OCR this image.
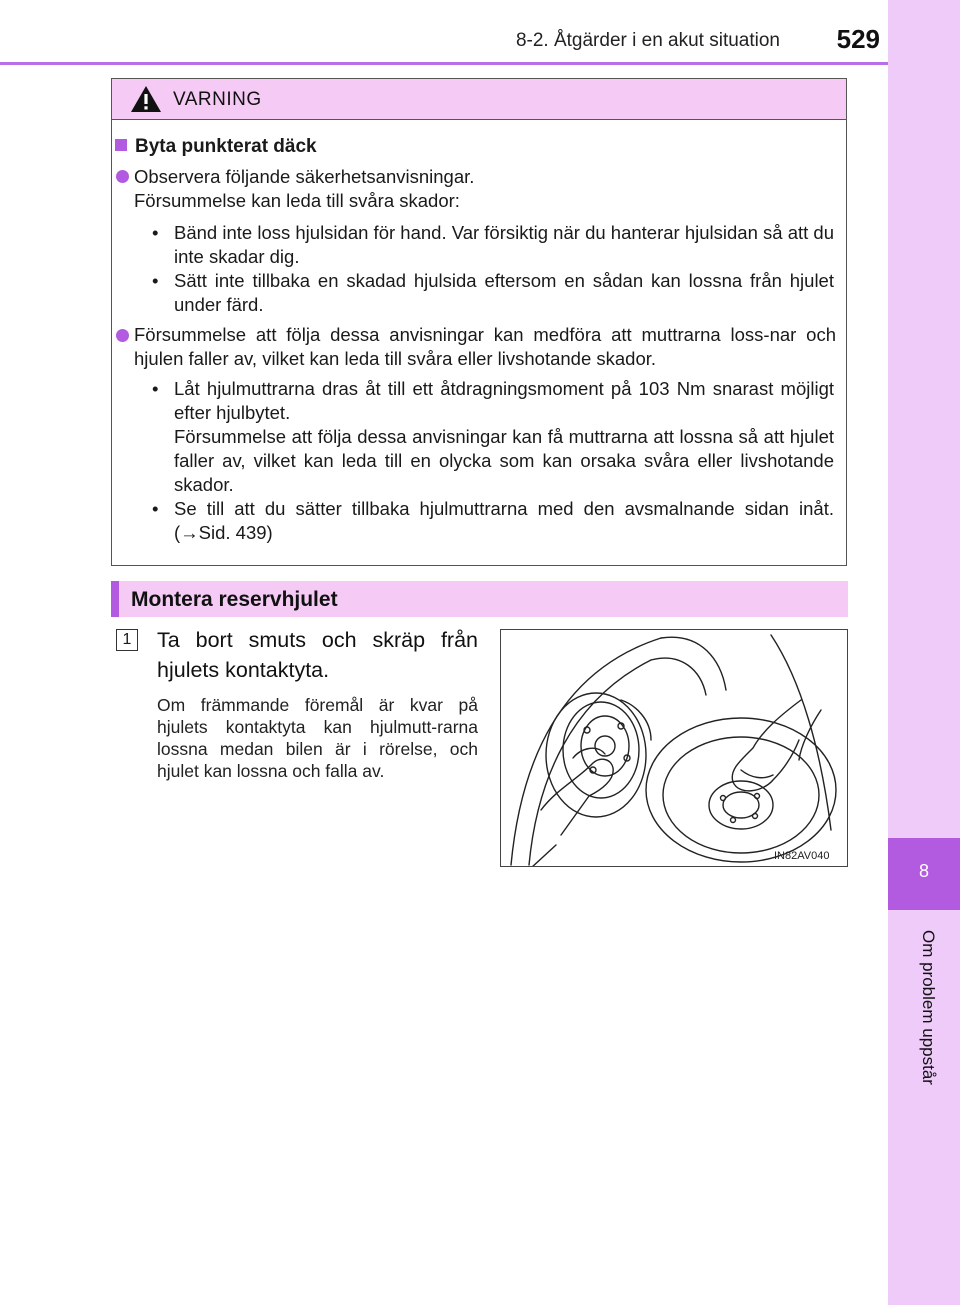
8-2. Åtgärder i en akut situation 529
8
Om problem uppstår
VARNING
Byta punkterat däck
Observera följande säkerhetsanvisningar.
Försummelse kan leda till svåra skador:
• Bänd inte loss hjulsidan för hand. Var försiktig när du hanterar hjulsidan så att du inte skadar dig.
• Sätt inte tillbaka en skadad hjulsida eftersom en sådan kan lossna från hjulet under färd.
Försummelse att följa dessa anvisningar kan medföra att muttrarna loss-nar och hjulen faller av, vilket kan leda till svåra eller livshotande skador.
• Låt hjulmuttrarna dras åt till ett åtdragningsmoment på 103 Nm snarast möjligt efter hjulbytet.
Försummelse att följa dessa anvisningar kan få muttrarna att lossna så att hjulet faller av, vilket kan leda till en olycka som kan orsaka svåra eller livshotande skador.
• Se till att du sätter tillbaka hjulmuttrarna med den avsmalnande sidan inåt. (→Sid. 439)
Montera reservhjulet
1	Ta bort smuts och skräp från hjulets kontaktyta.
Om främmande föremål är kvar på hjulets kontaktyta kan hjulmutt-rarna lossna medan bilen är i rörelse, och hjulet kan lossna och falla av.
IN82AV040
